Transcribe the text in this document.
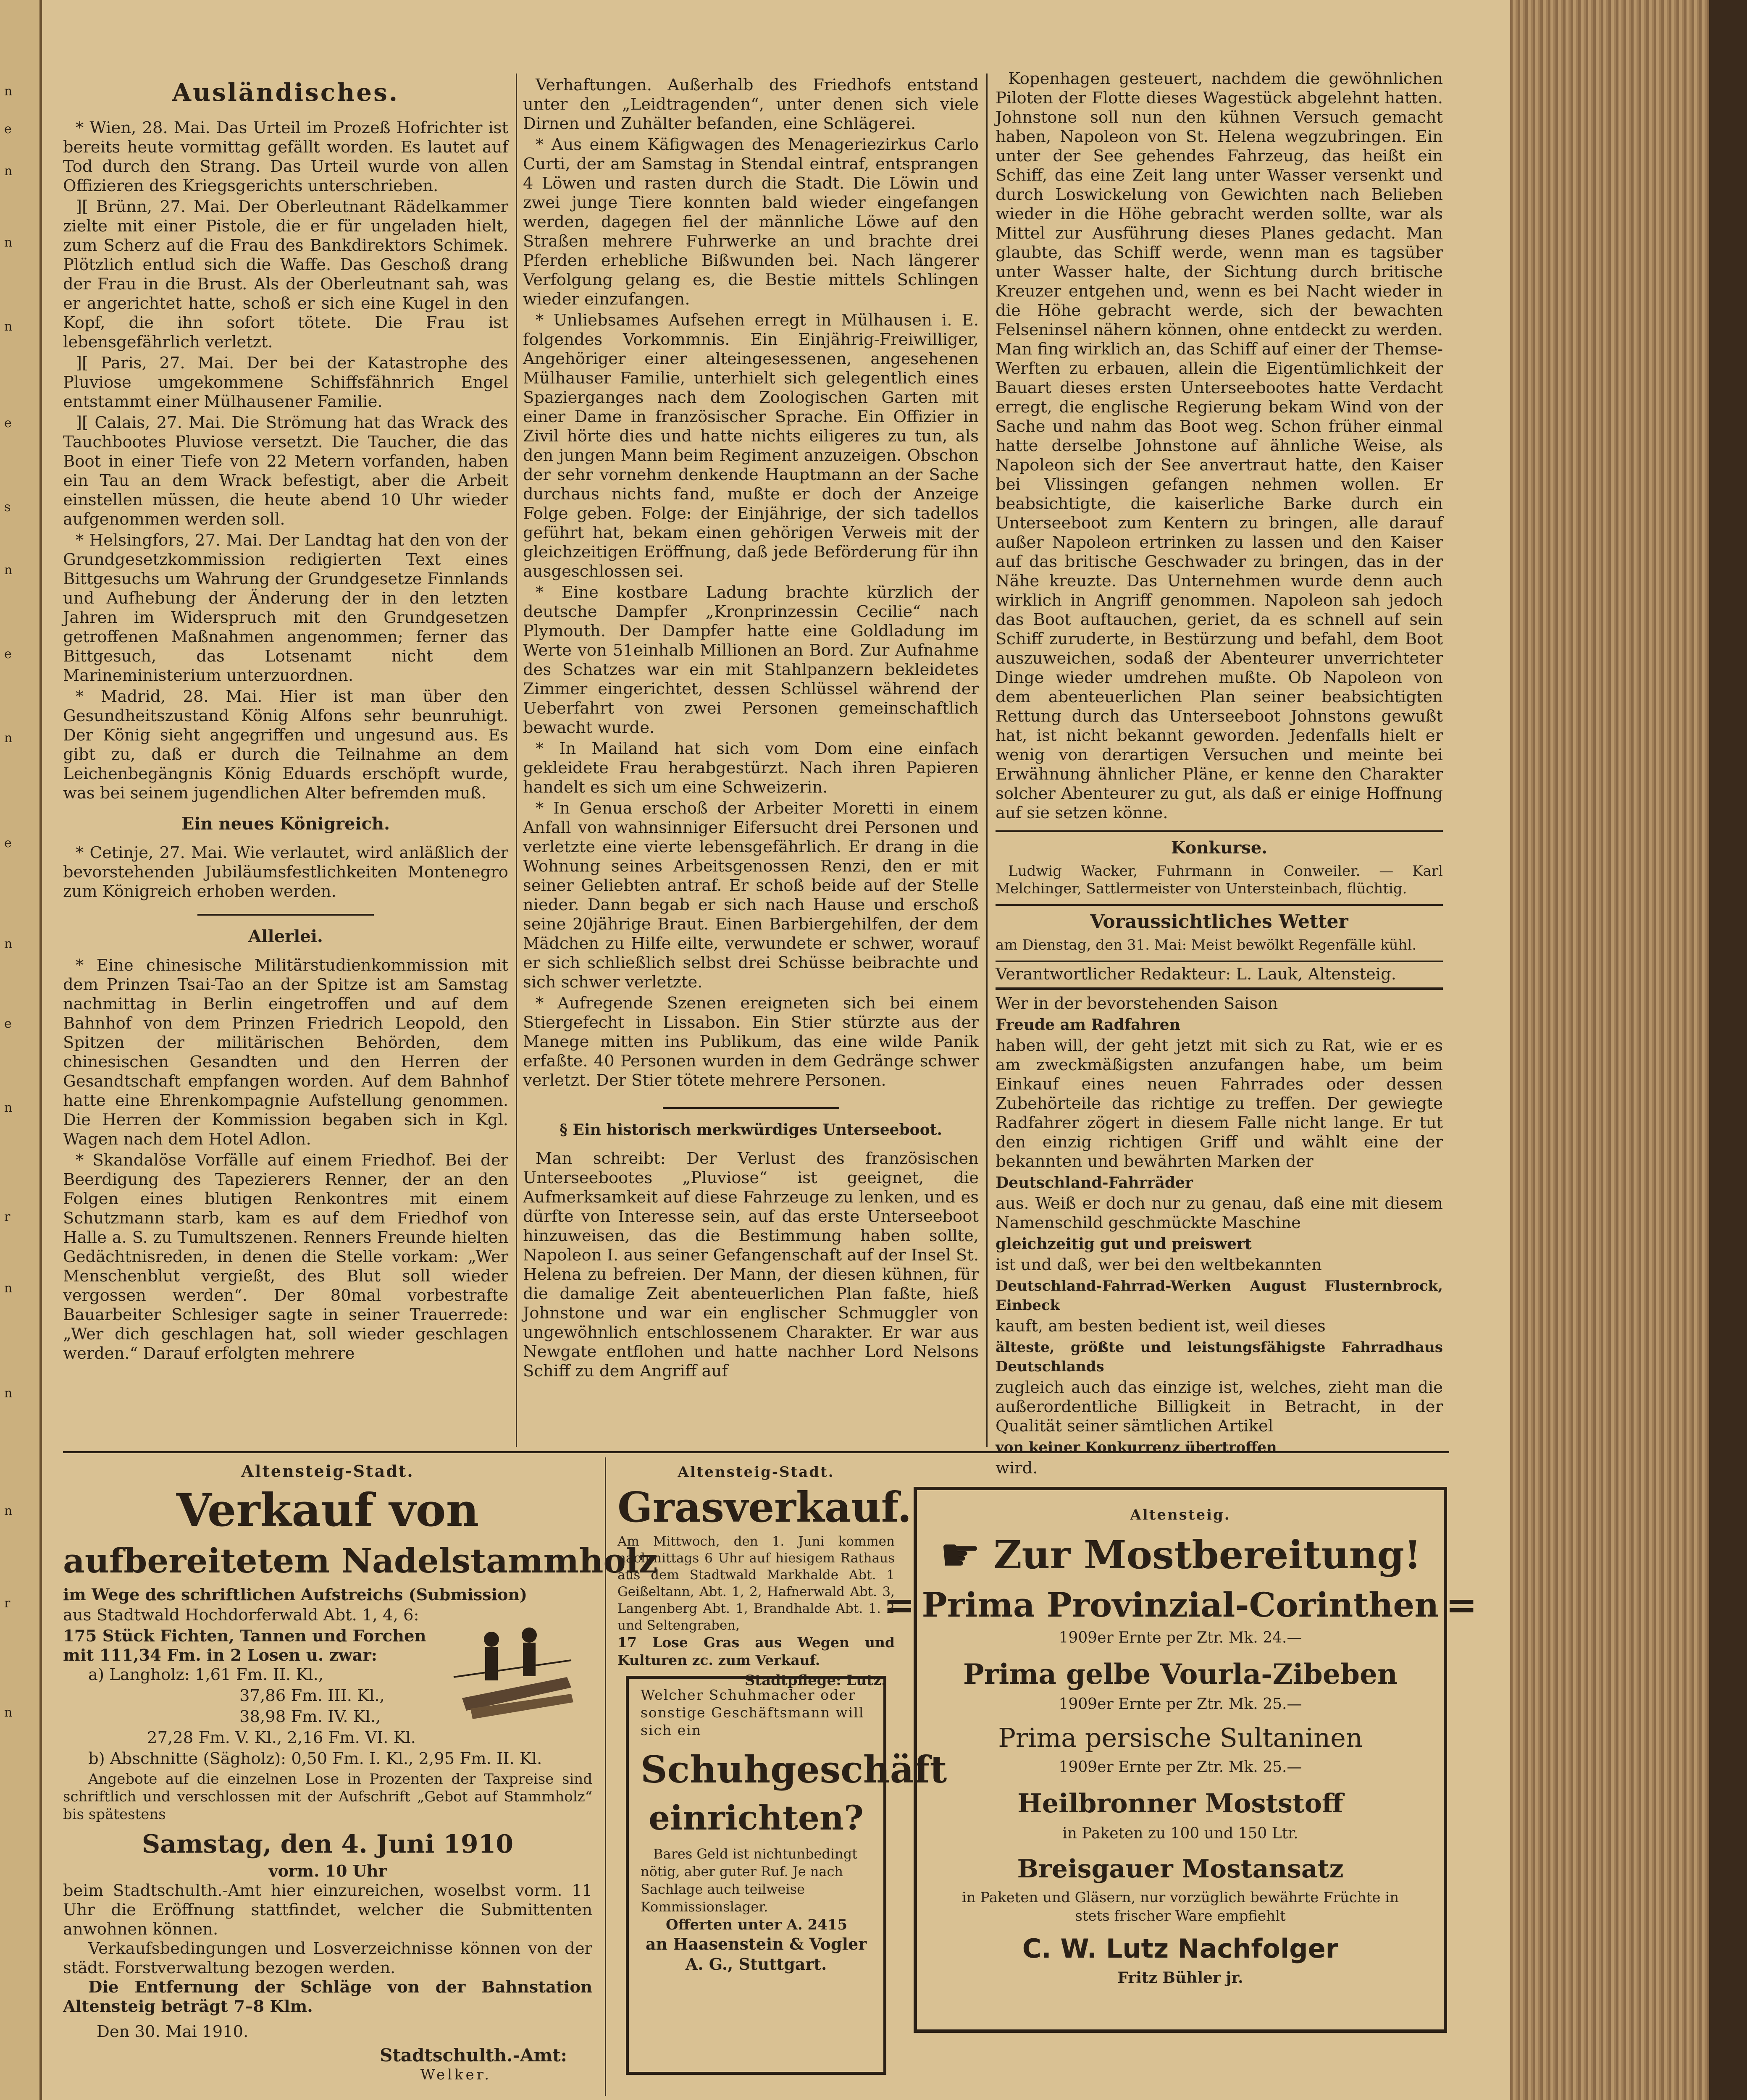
n
e
n
n
n
e
s
n
e
n
e
n
e
n
r
n
n
n
r
n
Ausländisches.

* Wien, 28. Mai. Das Urteil im Prozeß Hofrichter ist bereits heute vormittag gefällt worden. Es lautet auf Tod durch den Strang. Das Urteil wurde von allen Offizieren des Kriegsgerichts unterschrieben.

][ Brünn, 27. Mai. Der Oberleutnant Rädelkammer zielte mit einer Pistole, die er für ungeladen hielt, zum Scherz auf die Frau des Bankdirektors Schimek. Plötzlich entlud sich die Waffe. Das Geschoß drang der Frau in die Brust. Als der Oberleutnant sah, was er angerichtet hatte, schoß er sich eine Kugel in den Kopf, die ihn sofort tötete. Die Frau ist lebensgefährlich verletzt.

][ Paris, 27. Mai. Der bei der Katastrophe des Pluviose umgekommene Schiffsfähnrich Engel entstammt einer Mülhausener Familie.

][ Calais, 27. Mai. Die Strömung hat das Wrack des Tauchbootes Pluviose versetzt. Die Taucher, die das Boot in einer Tiefe von 22 Metern vorfanden, haben ein Tau an dem Wrack befestigt, aber die Arbeit einstellen müssen, die heute abend 10 Uhr wieder aufgenommen werden soll.

* Helsingfors, 27. Mai. Der Landtag hat den von der Grundgesetzkommission redigierten Text eines Bittgesuchs um Wahrung der Grundgesetze Finnlands und Aufhebung der Änderung der in den letzten Jahren im Widerspruch mit den Grundgesetzen getroffenen Maßnahmen angenommen; ferner das Bittgesuch, das Lotsenamt nicht dem Marineministerium unterzuordnen.

* Madrid, 28. Mai. Hier ist man über den Gesundheitszustand König Alfons sehr beunruhigt. Der König sieht angegriffen und ungesund aus. Es gibt zu, daß er durch die Teilnahme an dem Leichenbegängnis König Eduards erschöpft wurde, was bei seinem jugendlichen Alter befremden muß.

Ein neues Königreich.

* Cetinje, 27. Mai. Wie verlautet, wird anläßlich der bevorstehenden Jubiläumsfestlichkeiten Montenegro zum Königreich erhoben werden.

Allerlei.

* Eine chinesische Militärstudienkommission mit dem Prinzen Tsai-Tao an der Spitze ist am Samstag nachmittag in Berlin eingetroffen und auf dem Bahnhof von dem Prinzen Friedrich Leopold, den Spitzen der militärischen Behörden, dem chinesischen Gesandten und den Herren der Gesandtschaft empfangen worden. Auf dem Bahnhof hatte eine Ehrenkompagnie Aufstellung genommen. Die Herren der Kommission begaben sich in Kgl. Wagen nach dem Hotel Adlon.

* Skandalöse Vorfälle auf einem Friedhof. Bei der Beerdigung des Tapezierers Renner, der an den Folgen eines blutigen Renkontres mit einem Schutzmann starb, kam es auf dem Friedhof von Halle a. S. zu Tumultszenen. Renners Freunde hielten Gedächtnisreden, in denen die Stelle vorkam: „Wer Menschenblut vergießt, des Blut soll wieder vergossen werden“. Der 80mal vorbestrafte Bauarbeiter Schlesiger sagte in seiner Trauerrede: „Wer dich geschlagen hat, soll wieder geschlagen werden.“ Darauf erfolgten mehrere

Verhaftungen. Außerhalb des Friedhofs entstand unter den „Leidtragenden“, unter denen sich viele Dirnen und Zuhälter befanden, eine Schlägerei.

* Aus einem Käfigwagen des Menageriezirkus Carlo Curti, der am Samstag in Stendal eintraf, entsprangen 4 Löwen und rasten durch die Stadt. Die Löwin und zwei junge Tiere konnten bald wieder eingefangen werden, dagegen fiel der männliche Löwe auf den Straßen mehrere Fuhrwerke an und brachte drei Pferden erhebliche Bißwunden bei. Nach längerer Verfolgung gelang es, die Bestie mittels Schlingen wieder einzufangen.

* Unliebsames Aufsehen erregt in Mülhausen i. E. folgendes Vorkommnis. Ein Einjährig-Freiwilliger, Angehöriger einer alteingesessenen, angesehenen Mülhauser Familie, unterhielt sich gelegentlich eines Spazierganges nach dem Zoologischen Garten mit einer Dame in französischer Sprache. Ein Offizier in Zivil hörte dies und hatte nichts eiligeres zu tun, als den jungen Mann beim Regiment anzuzeigen. Obschon der sehr vornehm denkende Hauptmann an der Sache durchaus nichts fand, mußte er doch der Anzeige Folge geben. Folge: der Einjährige, der sich tadellos geführt hat, bekam einen gehörigen Verweis mit der gleichzeitigen Eröffnung, daß jede Beförderung für ihn ausgeschlossen sei.

* Eine kostbare Ladung brachte kürzlich der deutsche Dampfer „Kronprinzessin Cecilie“ nach Plymouth. Der Dampfer hatte eine Goldladung im Werte von 51einhalb Millionen an Bord. Zur Aufnahme des Schatzes war ein mit Stahlpanzern bekleidetes Zimmer eingerichtet, dessen Schlüssel während der Ueberfahrt von zwei Personen gemeinschaftlich bewacht wurde.

* In Mailand hat sich vom Dom eine einfach gekleidete Frau herabgestürzt. Nach ihren Papieren handelt es sich um eine Schweizerin.

* In Genua erschoß der Arbeiter Moretti in einem Anfall von wahnsinniger Eifersucht drei Personen und verletzte eine vierte lebensgefährlich. Er drang in die Wohnung seines Arbeitsgenossen Renzi, den er mit seiner Geliebten antraf. Er schoß beide auf der Stelle nieder. Dann begab er sich nach Hause und erschoß seine 20jährige Braut. Einen Barbiergehilfen, der dem Mädchen zu Hilfe eilte, verwundete er schwer, worauf er sich schließlich selbst drei Schüsse beibrachte und sich schwer verletzte.

* Aufregende Szenen ereigneten sich bei einem Stiergefecht in Lissabon. Ein Stier stürzte aus der Manege mitten ins Publikum, das eine wilde Panik erfaßte. 40 Personen wurden in dem Gedränge schwer verletzt. Der Stier tötete mehrere Personen.

§ Ein historisch merkwürdiges Unterseeboot.

Man schreibt: Der Verlust des französischen Unterseebootes „Pluviose“ ist geeignet, die Aufmerksamkeit auf diese Fahrzeuge zu lenken, und es dürfte von Interesse sein, auf das erste Unterseeboot hinzuweisen, das die Bestimmung haben sollte, Napoleon I. aus seiner Gefangenschaft auf der Insel St. Helena zu befreien. Der Mann, der diesen kühnen, für die damalige Zeit abenteuerlichen Plan faßte, hieß Johnstone und war ein englischer Schmuggler von ungewöhnlich entschlossenem Charakter. Er war aus Newgate entflohen und hatte nachher Lord Nelsons Schiff zu dem Angriff auf

Kopenhagen gesteuert, nachdem die gewöhnlichen Piloten der Flotte dieses Wagestück abgelehnt hatten. Johnstone soll nun den kühnen Versuch gemacht haben, Napoleon von St. Helena wegzubringen. Ein unter der See gehendes Fahrzeug, das heißt ein Schiff, das eine Zeit lang unter Wasser versenkt und durch Loswickelung von Gewichten nach Belieben wieder in die Höhe gebracht werden sollte, war als Mittel zur Ausführung dieses Planes gedacht. Man glaubte, das Schiff werde, wenn man es tagsüber unter Wasser halte, der Sichtung durch britische Kreuzer entgehen und, wenn es bei Nacht wieder in die Höhe gebracht werde, sich der bewachten Felseninsel nähern können, ohne entdeckt zu werden. Man fing wirklich an, das Schiff auf einer der Themse-Werften zu erbauen, allein die Eigentümlichkeit der Bauart dieses ersten Unterseebootes hatte Verdacht erregt, die englische Regierung bekam Wind von der Sache und nahm das Boot weg. Schon früher einmal hatte derselbe Johnstone auf ähnliche Weise, als Napoleon sich der See anvertraut hatte, den Kaiser bei Vlissingen gefangen nehmen wollen. Er beabsichtigte, die kaiserliche Barke durch ein Unterseeboot zum Kentern zu bringen, alle darauf außer Napoleon ertrinken zu lassen und den Kaiser auf das britische Geschwader zu bringen, das in der Nähe kreuzte. Das Unternehmen wurde denn auch wirklich in Angriff genommen. Napoleon sah jedoch das Boot auftauchen, geriet, da es schnell auf sein Schiff zuruderte, in Bestürzung und befahl, dem Boot auszuweichen, sodaß der Abenteurer unverrichteter Dinge wieder umdrehen mußte. Ob Napoleon von dem abenteuerlichen Plan seiner beabsichtigten Rettung durch das Unterseeboot Johnstons gewußt hat, ist nicht bekannt geworden. Jedenfalls hielt er wenig von derartigen Versuchen und meinte bei Erwähnung ähnlicher Pläne, er kenne den Charakter solcher Abenteurer zu gut, als daß er einige Hoffnung auf sie setzen könne.

Konkurse.

Ludwig Wacker, Fuhrmann in Conweiler. — Karl Melchinger, Sattlermeister von Untersteinbach, flüchtig.

Voraussichtliches Wetter

am Dienstag, den 31. Mai: Meist bewölkt Regenfälle kühl.

Verantwortlicher Redakteur: L. Lauk, Altensteig.

Wer in der bevorstehenden Saison

Freude am Radfahren

haben will, der geht jetzt mit sich zu Rat, wie er es am zweckmäßigsten anzufangen habe, um beim Einkauf eines neuen Fahrrades oder dessen Zubehörteile das richtige zu treffen. Der gewiegte Radfahrer zögert in diesem Falle nicht lange. Er tut den einzig richtigen Griff und wählt eine der bekannten und bewährten Marken der

Deutschland-Fahrräder

aus. Weiß er doch nur zu genau, daß eine mit diesem Namenschild geschmückte Maschine

gleichzeitig gut und preiswert

ist und daß, wer bei den weltbekannten

Deutschland-Fahrrad-Werken August Flusternbrock, Einbeck

kauft, am besten bedient ist, weil dieses

älteste, größte und leistungsfähigste Fahrradhaus Deutschlands

zugleich auch das einzige ist, welches, zieht man die außerordentliche Billigkeit in Betracht, in der Qualität seiner sämtlichen Artikel

von keiner Konkurrenz übertroffen

wird.

Altensteig-Stadt.
Verkauf von
aufbereitetem Nadelstammholz

im Wege des schriftlichen Aufstreichs (Submission)

aus Stadtwald Hochdorferwald Abt. 1, 4, 6:

175 Stück Fichten, Tannen und Forchen mit 111,34 Fm. in 2 Losen u. zwar:

a) Langholz: 1,61 Fm. II. Kl.,

37,86 Fm. III. Kl.,

38,98 Fm. IV. Kl.,

27,28 Fm. V. Kl., 2,16 Fm. VI. Kl.

b) Abschnitte (Sägholz): 0,50 Fm. I. Kl., 2,95 Fm. II. Kl.

Angebote auf die einzelnen Lose in Prozenten der Taxpreise sind schriftlich und verschlossen mit der Aufschrift „Gebot auf Stammholz“ bis spätestens

Samstag, den 4. Juni 1910
vorm. 10 Uhr

beim Stadtschulth.-Amt hier einzureichen, woselbst vorm. 11 Uhr die Eröffnung stattfindet, welcher die Submittenten anwohnen können.

Verkaufsbedingungen und Losverzeichnisse können von der städt. Forstverwaltung bezogen werden.

Die Entfernung der Schläge von der Bahnstation Altensteig beträgt 7–8 Klm.

Den 30. Mai 1910.

Stadtschulth.-Amt:

Welker.

Altensteig-Stadt.
Grasverkauf.

Am Mittwoch, den 1. Juni kommen nachmittags 6 Uhr auf hiesigem Rathaus aus dem Stadtwald Markhalde Abt. 1 Geißeltann, Abt. 1, 2, Hafnerwald Abt. 3, Langenberg Abt. 1, Brandhalde Abt. 1. 2 und Seltengraben,

17 Lose Gras aus Wegen und Kulturen zc. zum Verkauf.

Stadtpflege: Lutz.

Welcher Schuhmacher oder sonstige Geschäftsmann will sich ein

Schuhgeschäft
einrichten?

Bares Geld ist nichtunbedingt nötig, aber guter Ruf. Je nach Sachlage auch teilweise Kommissionslager.

Offerten unter A. 2415

an Haasenstein & Vogler

A. G., Stuttgart.

Altensteig.
☛ Zur Mostbereitung!
= Prima Provinzial-Corinthen =

1909er Ernte per Ztr. Mk. 24.—

Prima gelbe Vourla-Zibeben

1909er Ernte per Ztr. Mk. 25.—

Prima persische Sultaninen

1909er Ernte per Ztr. Mk. 25.—

Heilbronner Moststoff

in Paketen zu 100 und 150 Ltr.

Breisgauer Mostansatz

in Paketen und Gläsern, nur vorzüglich bewährte Früchte in stets frischer Ware empfiehlt

C. W. Lutz Nachfolger

Fritz Bühler jr.
